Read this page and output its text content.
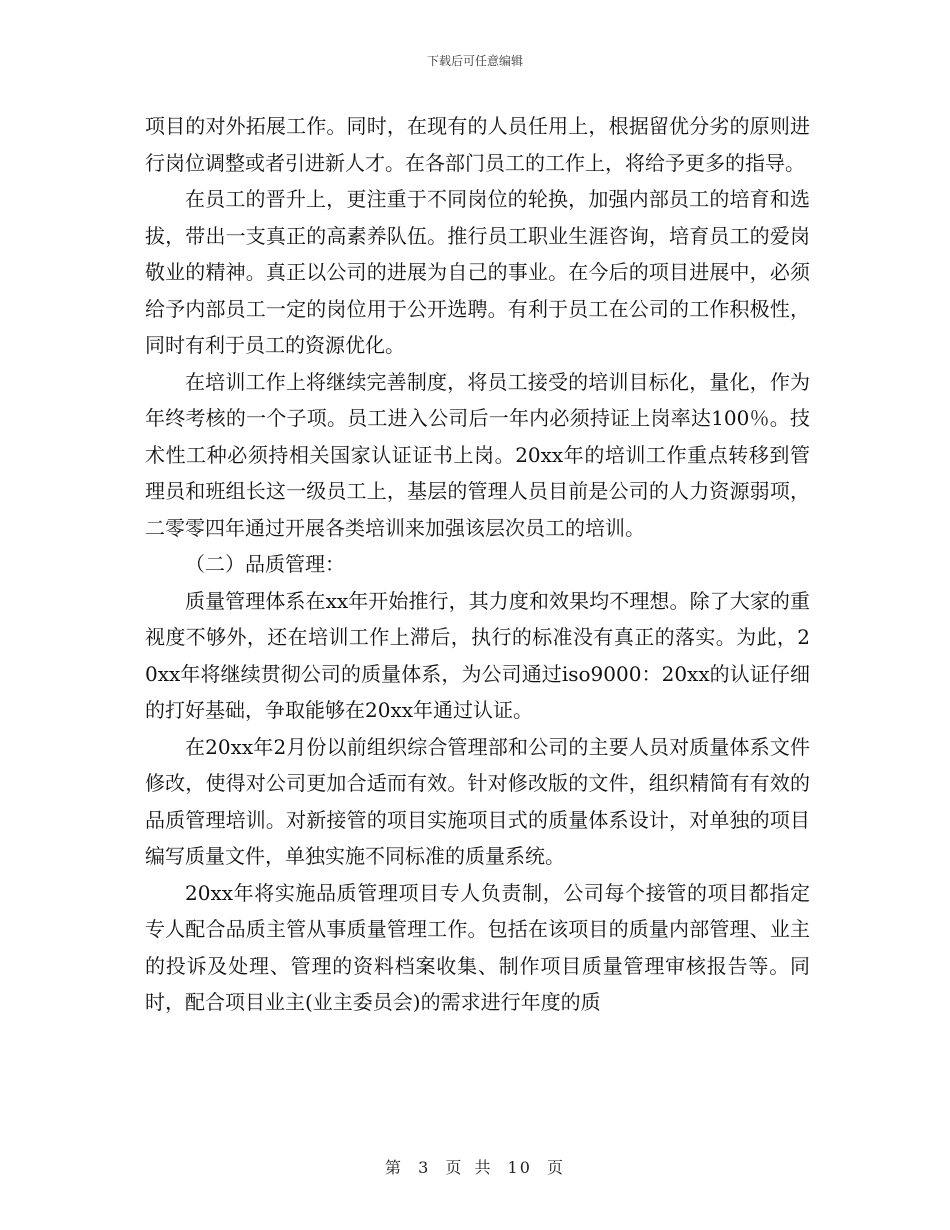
下载后可任意编辑

项目的对外拓展工作。同时，在现有的人员任用上，根据留优分劣的原则进行岗位调整或者引进新人才。在各部门员工的工作上，将给予更多的指导。

在员工的晋升上，更注重于不同岗位的轮换，加强内部员工的培育和选拔，带出一支真正的高素养队伍。推行员工职业生涯咨询，培育员工的爱岗敬业的精神。真正以公司的进展为自己的事业。在今后的项目进展中，必须给予内部员工一定的岗位用于公开选聘。有利于员工在公司的工作积极性，同时有利于员工的资源优化。

在培训工作上将继续完善制度，将员工接受的培训目标化，量化，作为年终考核的一个子项。员工进入公司后一年内必须持证上岗率达100％。技术性工种必须持相关国家认证证书上岗。20xx年的培训工作重点转移到管理员和班组长这一级员工上，基层的管理人员目前是公司的人力资源弱项，二零零四年通过开展各类培训来加强该层次员工的培训。

（二）品质管理：

质量管理体系在xx年开始推行，其力度和效果均不理想。除了大家的重视度不够外，还在培训工作上滞后，执行的标准没有真正的落实。为此，20xx年将继续贯彻公司的质量体系，为公司通过iso9000：20xx的认证仔细的打好基础，争取能够在20xx年通过认证。

在20xx年2月份以前组织综合管理部和公司的主要人员对质量体系文件修改，使得对公司更加合适而有效。针对修改版的文件，组织精简有有效的品质管理培训。对新接管的项目实施项目式的质量体系设计，对单独的项目编写质量文件，单独实施不同标准的质量系统。

20xx年将实施品质管理项目专人负责制，公司每个接管的项目都指定专人配合品质主管从事质量管理工作。包括在该项目的质量内部管理、业主的投诉及处理、管理的资料档案收集、制作项目质量管理审核报告等。同时，配合项目业主(业主委员会)的需求进行年度的质

第 3 页 共 10 页
